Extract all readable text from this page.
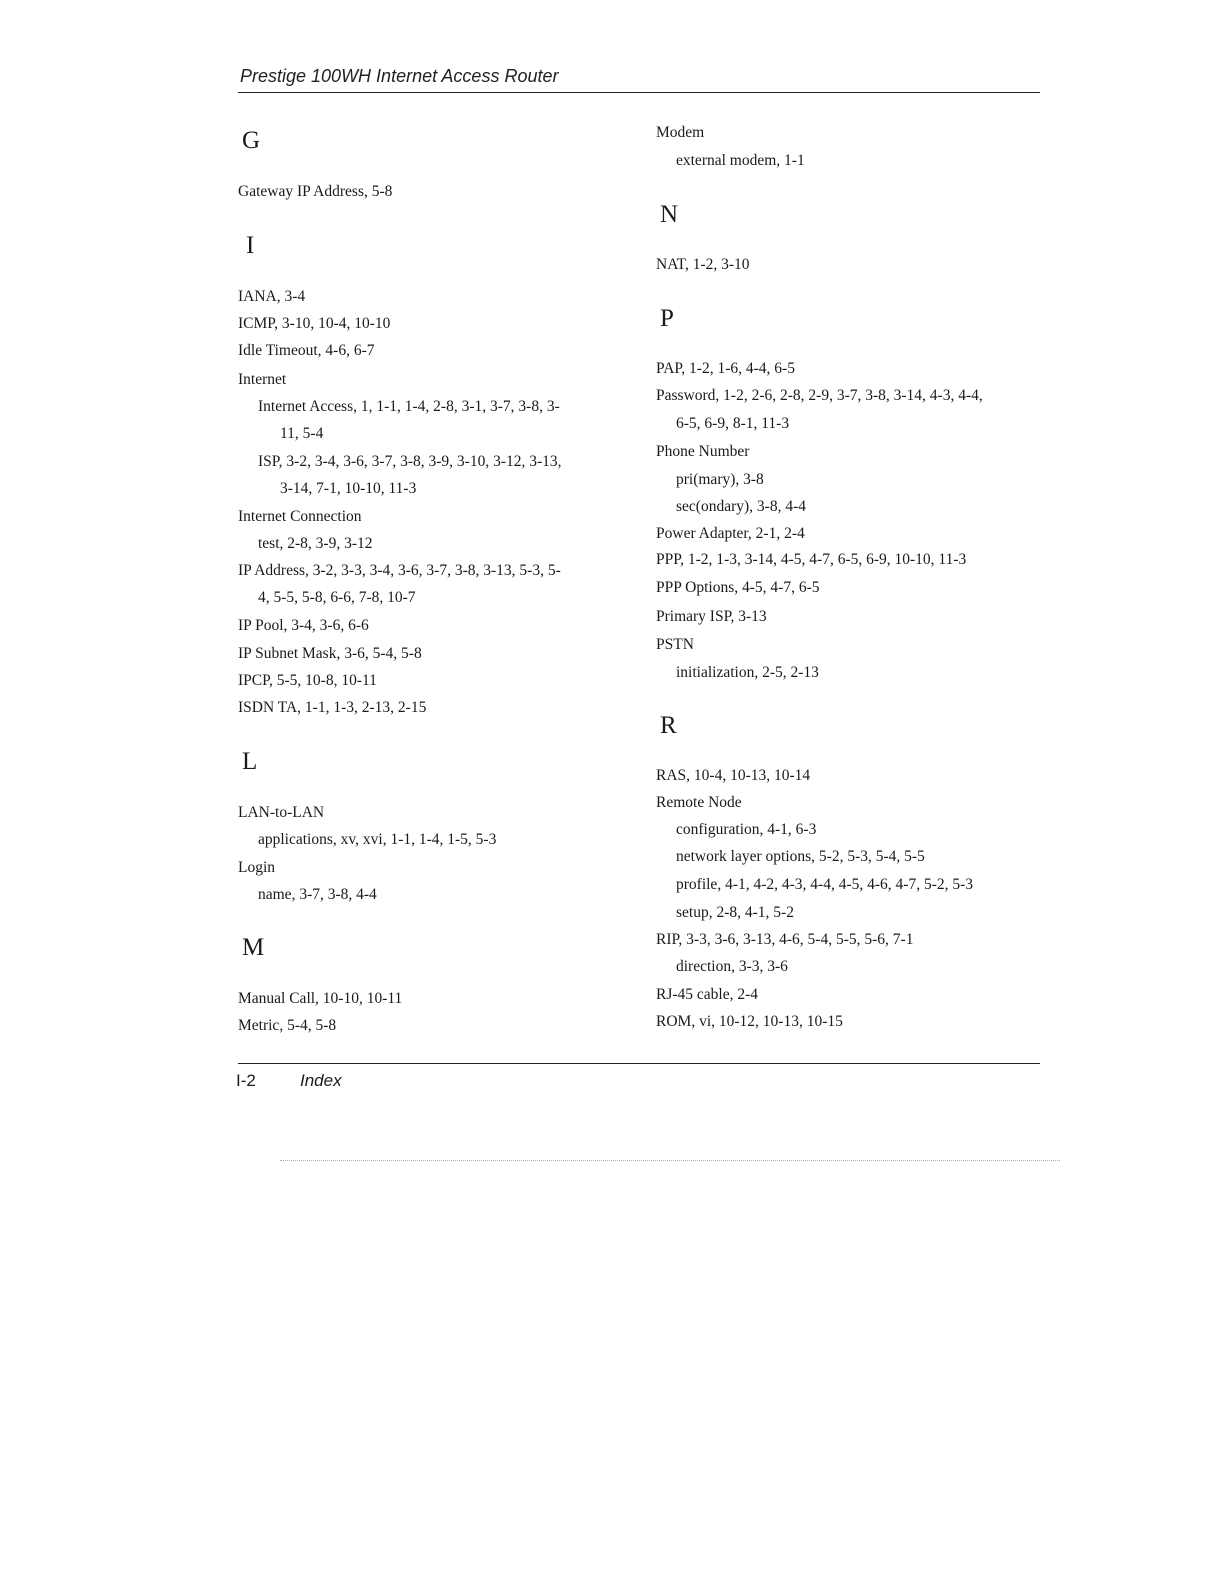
Prestige 100WH Internet Access Router
G
Gateway IP Address, 5-8
I
IANA, 3-4
ICMP, 3-10, 10-4, 10-10
Idle Timeout, 4-6, 6-7
Internet
Internet Access, 1, 1-1, 1-4, 2-8, 3-1, 3-7, 3-8, 3-
11, 5-4
ISP, 3-2, 3-4, 3-6, 3-7, 3-8, 3-9, 3-10, 3-12, 3-13,
3-14, 7-1, 10-10, 11-3
Internet Connection
test, 2-8, 3-9, 3-12
IP Address, 3-2, 3-3, 3-4, 3-6, 3-7, 3-8, 3-13, 5-3, 5-
4, 5-5, 5-8, 6-6, 7-8, 10-7
IP Pool, 3-4, 3-6, 6-6
IP Subnet Mask, 3-6, 5-4, 5-8
IPCP, 5-5, 10-8, 10-11
ISDN TA, 1-1, 1-3, 2-13, 2-15
L
LAN-to-LAN
applications, xv, xvi, 1-1, 1-4, 1-5, 5-3
Login
name, 3-7, 3-8, 4-4
M
Manual Call, 10-10, 10-11
Metric, 5-4, 5-8
Modem
external modem, 1-1
N
NAT, 1-2, 3-10
P
PAP, 1-2, 1-6, 4-4, 6-5
Password, 1-2, 2-6, 2-8, 2-9, 3-7, 3-8, 3-14, 4-3, 4-4,
6-5, 6-9, 8-1, 11-3
Phone Number
pri(mary), 3-8
sec(ondary), 3-8, 4-4
Power Adapter, 2-1, 2-4
PPP, 1-2, 1-3, 3-14, 4-5, 4-7, 6-5, 6-9, 10-10, 11-3
PPP Options, 4-5, 4-7, 6-5
Primary ISP, 3-13
PSTN
initialization, 2-5, 2-13
R
RAS, 10-4, 10-13, 10-14
Remote Node
configuration, 4-1, 6-3
network layer options, 5-2, 5-3, 5-4, 5-5
profile, 4-1, 4-2, 4-3, 4-4, 4-5, 4-6, 4-7, 5-2, 5-3
setup, 2-8, 4-1, 5-2
RIP, 3-3, 3-6, 3-13, 4-6, 5-4, 5-5, 5-6, 7-1
direction, 3-3, 3-6
RJ-45 cable, 2-4
ROM, vi, 10-12, 10-13, 10-15
I-2	Index
